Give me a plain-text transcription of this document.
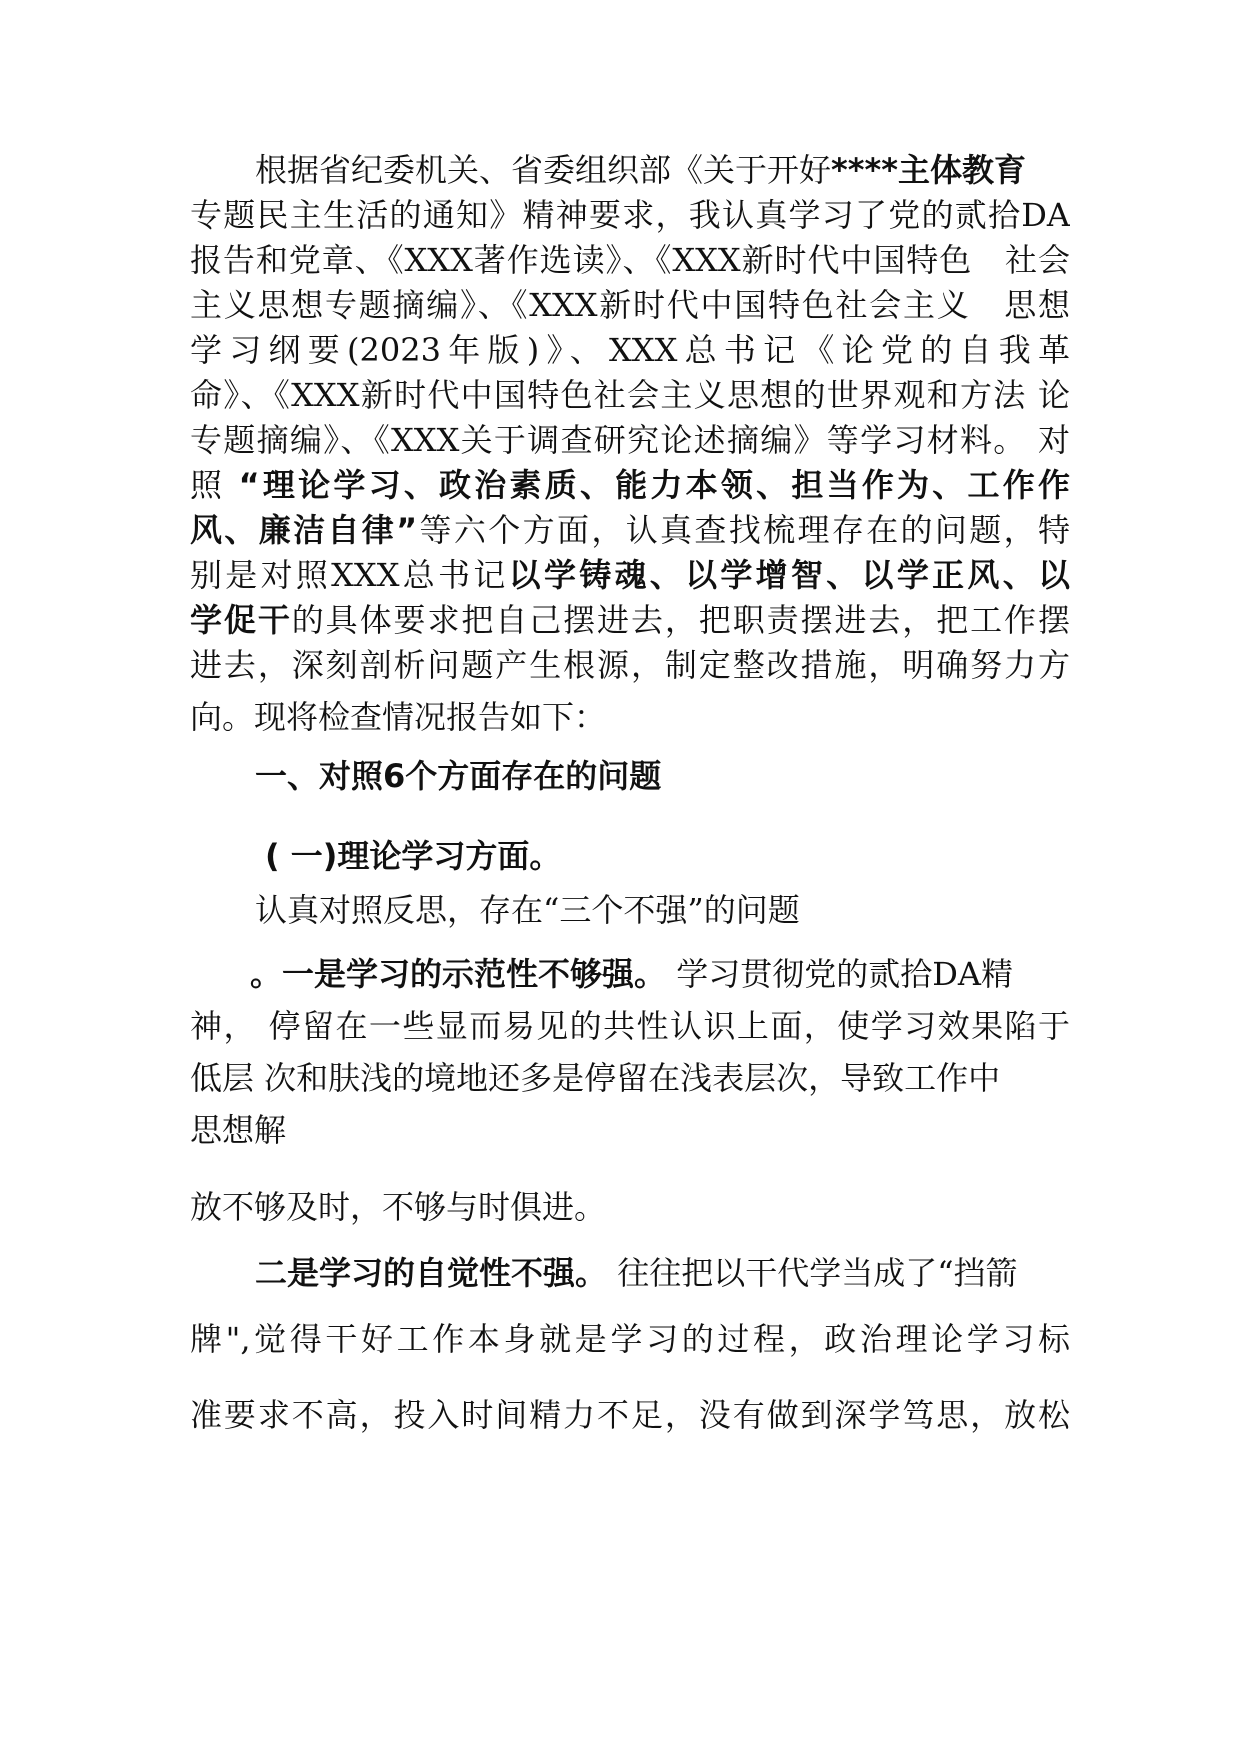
根据省纪委机关、省委组织部《关于开好****主体教育
专题民主生活的通知》精神要求，我认真学习了党的贰拾DA
报告和党章、《XXX著作选读》、《XXX新时代中国特色　社会
主义思想专题摘编》、《XXX新时代中国特色社会主义　思想
学习纲要(2023年版)》、XXX总书记《论党的自我革
命》、《XXX新时代中国特色社会主义思想的世界观和方法 论
专题摘编》、《XXX关于调查研究论述摘编》等学习材料。 对
照 “理论学习、政治素质、能力本领、担当作为、工作作
风、廉洁自律”等六个方面，认真查找梳理存在的问题，特
别是对照XXX总书记以学铸魂、以学增智、以学正风、以
学促干的具体要求把自己摆进去，把职责摆进去，把工作摆
进去，深刻剖析问题产生根源，制定整改措施，明确努力方
向。现将检查情况报告如下：
一、对照6个方面存在的问题
( 一)理论学习方面。
认真对照反思，存在“三个不强”的问题
。一是学习的示范性不够强。 学习贯彻党的贰拾DA精
神， 停留在一些显而易见的共性认识上面，使学习效果陷于
低层 次和肤浅的境地还多是停留在浅表层次，导致工作中
思想解
放不够及时，不够与时俱进。
二是学习的自觉性不强。 往往把以干代学当成了“挡箭
牌",觉得干好工作本身就是学习的过程，政治理论学习标
准要求不高，投入时间精力不足，没有做到深学笃思，放松
